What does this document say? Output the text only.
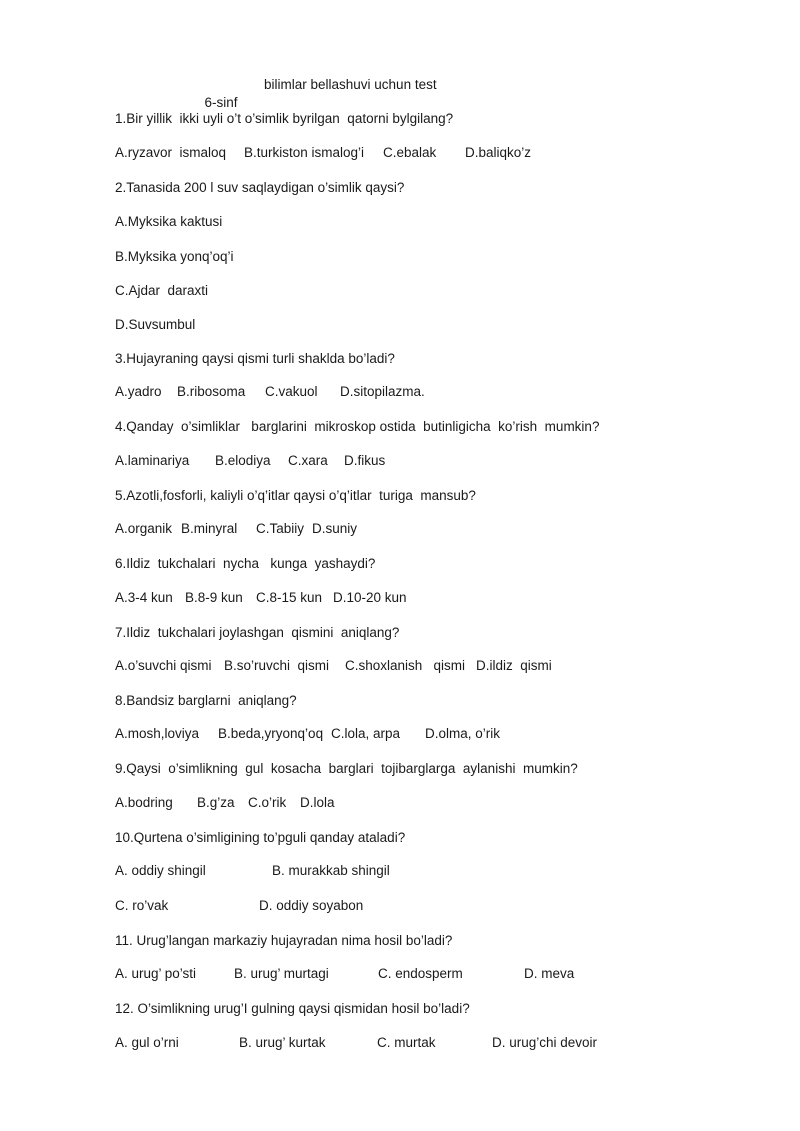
6-sinf

bilimlar bellashuvi uchun test

1.Bir yillik  ikki uyli o’t o’simlik byrilgan  qatorni bylgilang?
A.ryzavor  ismaloq B.turkiston ismalog’i C.ebalak D.baliqko’z
2.Tanasida 200 l suv saqlaydigan o’simlik qaysi?
A.Myksika kaktusi
B.Myksika yonq’oq’i
C.Ajdar  daraxti
D.Suvsumbul
3.Hujayraning qaysi qismi turli shaklda bo’ladi?
A.yadro B.ribosoma C.vakuol D.sitopilazma.
4.Qanday  o’simliklar   barglarini  mikroskop ostida  butinligicha  ko’rish  mumkin?
A.laminariya B.elodiya C.xara D.fikus
5.Azotli,fosforli, kaliyli o’q’itlar qaysi o’q’itlar  turiga  mansub?
A.organik B.minyral C.Tabiiy D.suniy
6.Ildiz  tukchalari  nycha   kunga  yashaydi?
A.3-4 kun B.8-9 kun C.8-15 kun D.10-20 kun
7.Ildiz  tukchalari joylashgan  qismini  aniqlang?
A.o’suvchi qismi B.so’ruvchi  qismi C.shoxlanish   qismi D.ildiz  qismi
8.Bandsiz barglarni  aniqlang?
A.mosh,loviya B.beda,yryonq’oq C.lola, arpa D.olma, o’rik
9.Qaysi  o’simlikning  gul  kosacha  barglari  tojibarglarga  aylanishi  mumkin?
A.bodring B.g’za C.o’rik D.lola
10.Qurtena o’simligining to’pguli qanday ataladi?
A. oddiy shingil	B. murakkab shingil
C. ro’vak	D. oddiy soyabon
11. Urug’langan markaziy hujayradan nima hosil bo’ladi?
A. urug’ po’sti	B. urug’ murtagi	C. endosperm	D. meva
12. O’simlikning urug’I gulning qaysi qismidan hosil bo’ladi?
A. gul o’rni	B. urug’ kurtak	C. murtak	D. urug’chi devoir
